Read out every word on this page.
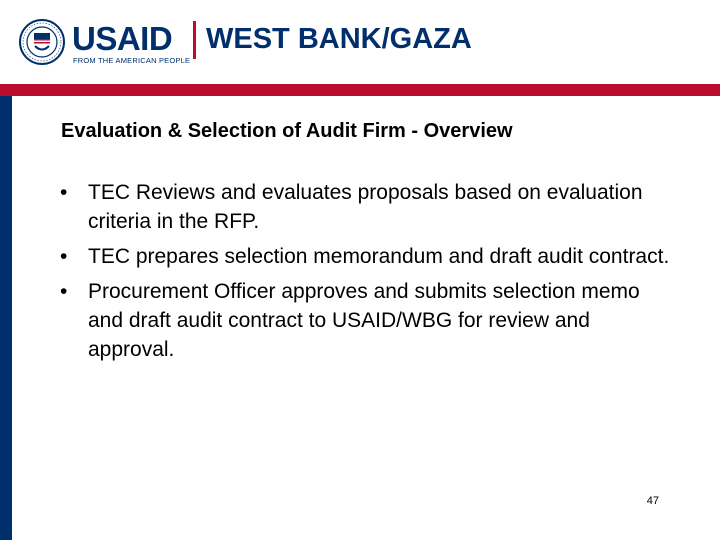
USAID WEST BANK/GAZA
FROM THE AMERICAN PEOPLE
Evaluation & Selection of Audit Firm - Overview
• TEC Reviews and evaluates proposals based on evaluation criteria in the RFP.
• TEC prepares selection memorandum and draft audit contract.
• Procurement Officer approves and submits selection memo and draft audit contract to USAID/WBG for review and approval.
47
